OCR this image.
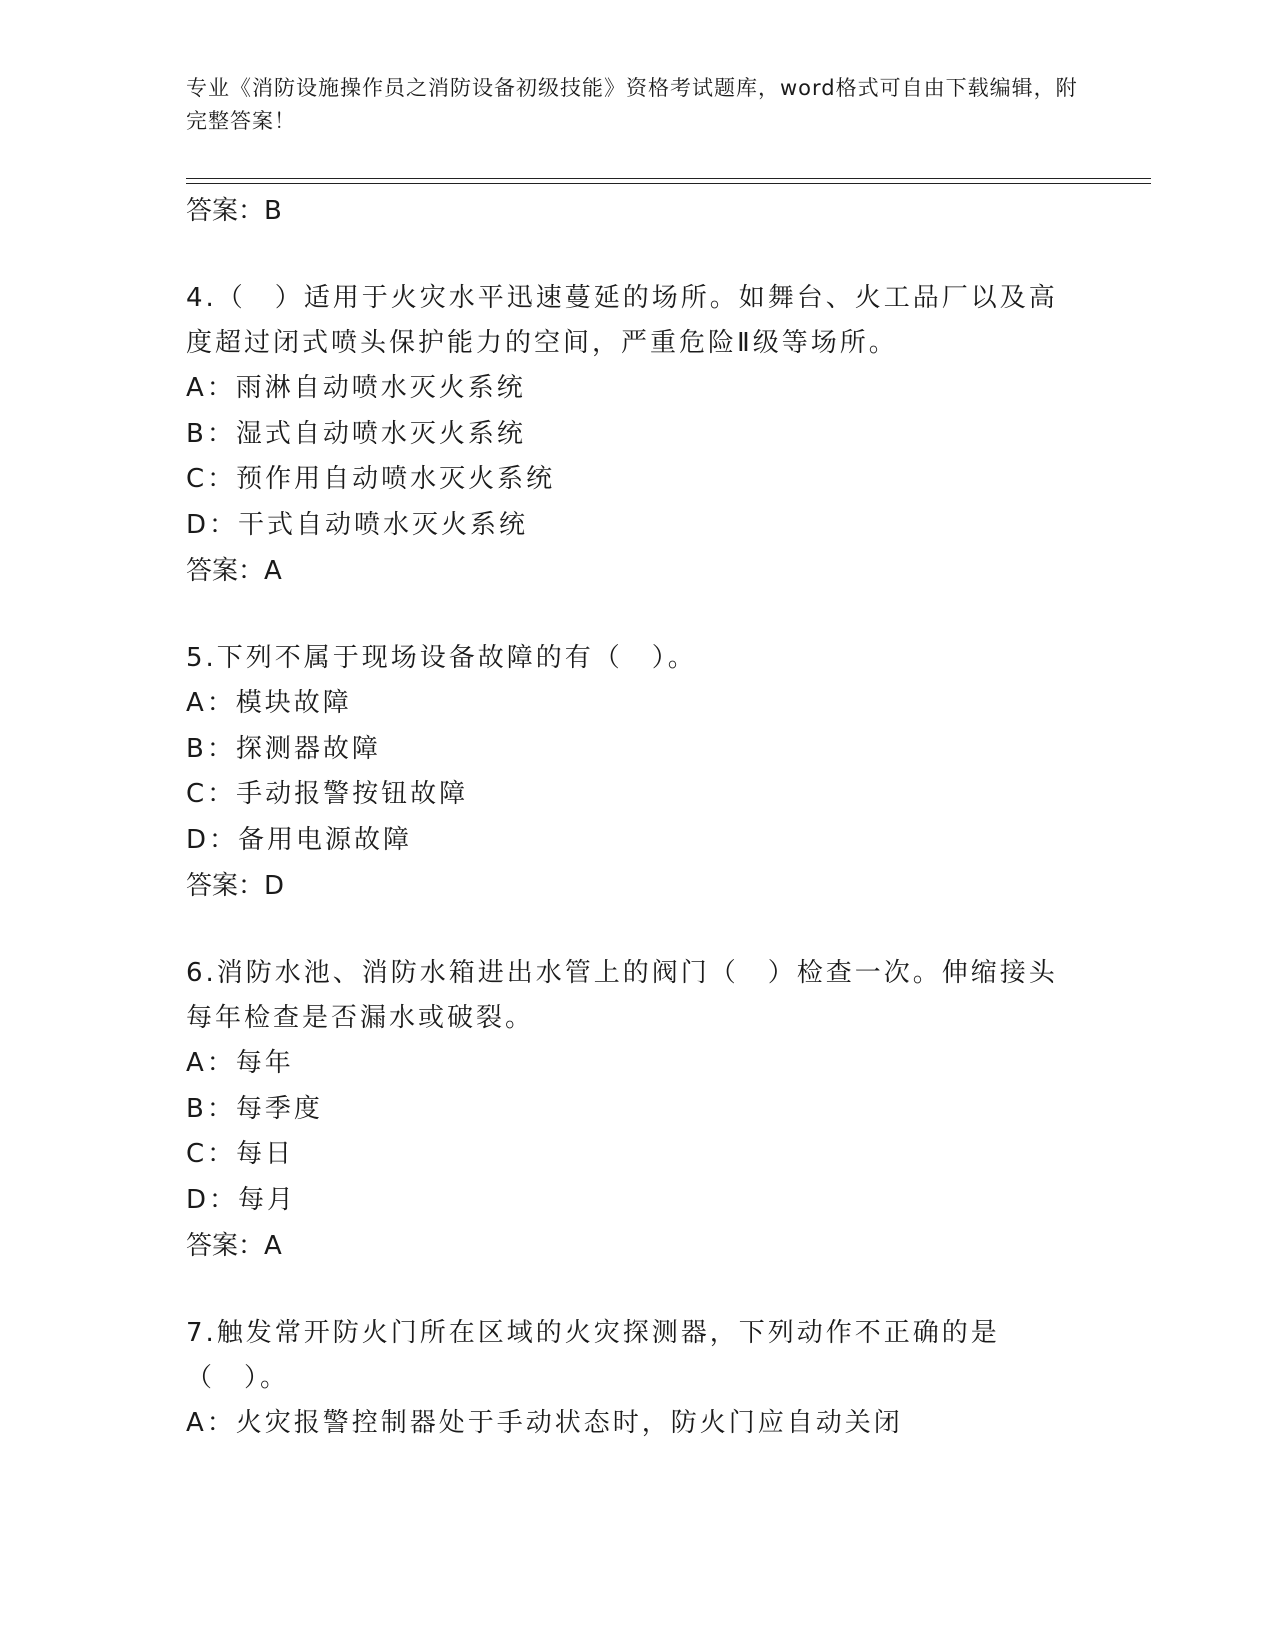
专业《消防设施操作员之消防设备初级技能》资格考试题库，word格式可自由下载编辑，附完整答案！

答案：B

4.（　）适用于火灾水平迅速蔓延的场所。如舞台、火工品厂以及高度超过闭式喷头保护能力的空间，严重危险Ⅱ级等场所。

A：雨淋自动喷水灭火系统

B：湿式自动喷水灭火系统

C：预作用自动喷水灭火系统

D：干式自动喷水灭火系统

答案：A

5.下列不属于现场设备故障的有（　）。

A：模块故障

B：探测器故障

C：手动报警按钮故障

D：备用电源故障

答案：D

6.消防水池、消防水箱进出水管上的阀门（　）检查一次。伸缩接头每年检查是否漏水或破裂。

A：每年

B：每季度

C：每日

D：每月

答案：A

7.触发常开防火门所在区域的火灾探测器，下列动作不正确的是（　）。

A：火灾报警控制器处于手动状态时，防火门应自动关闭
